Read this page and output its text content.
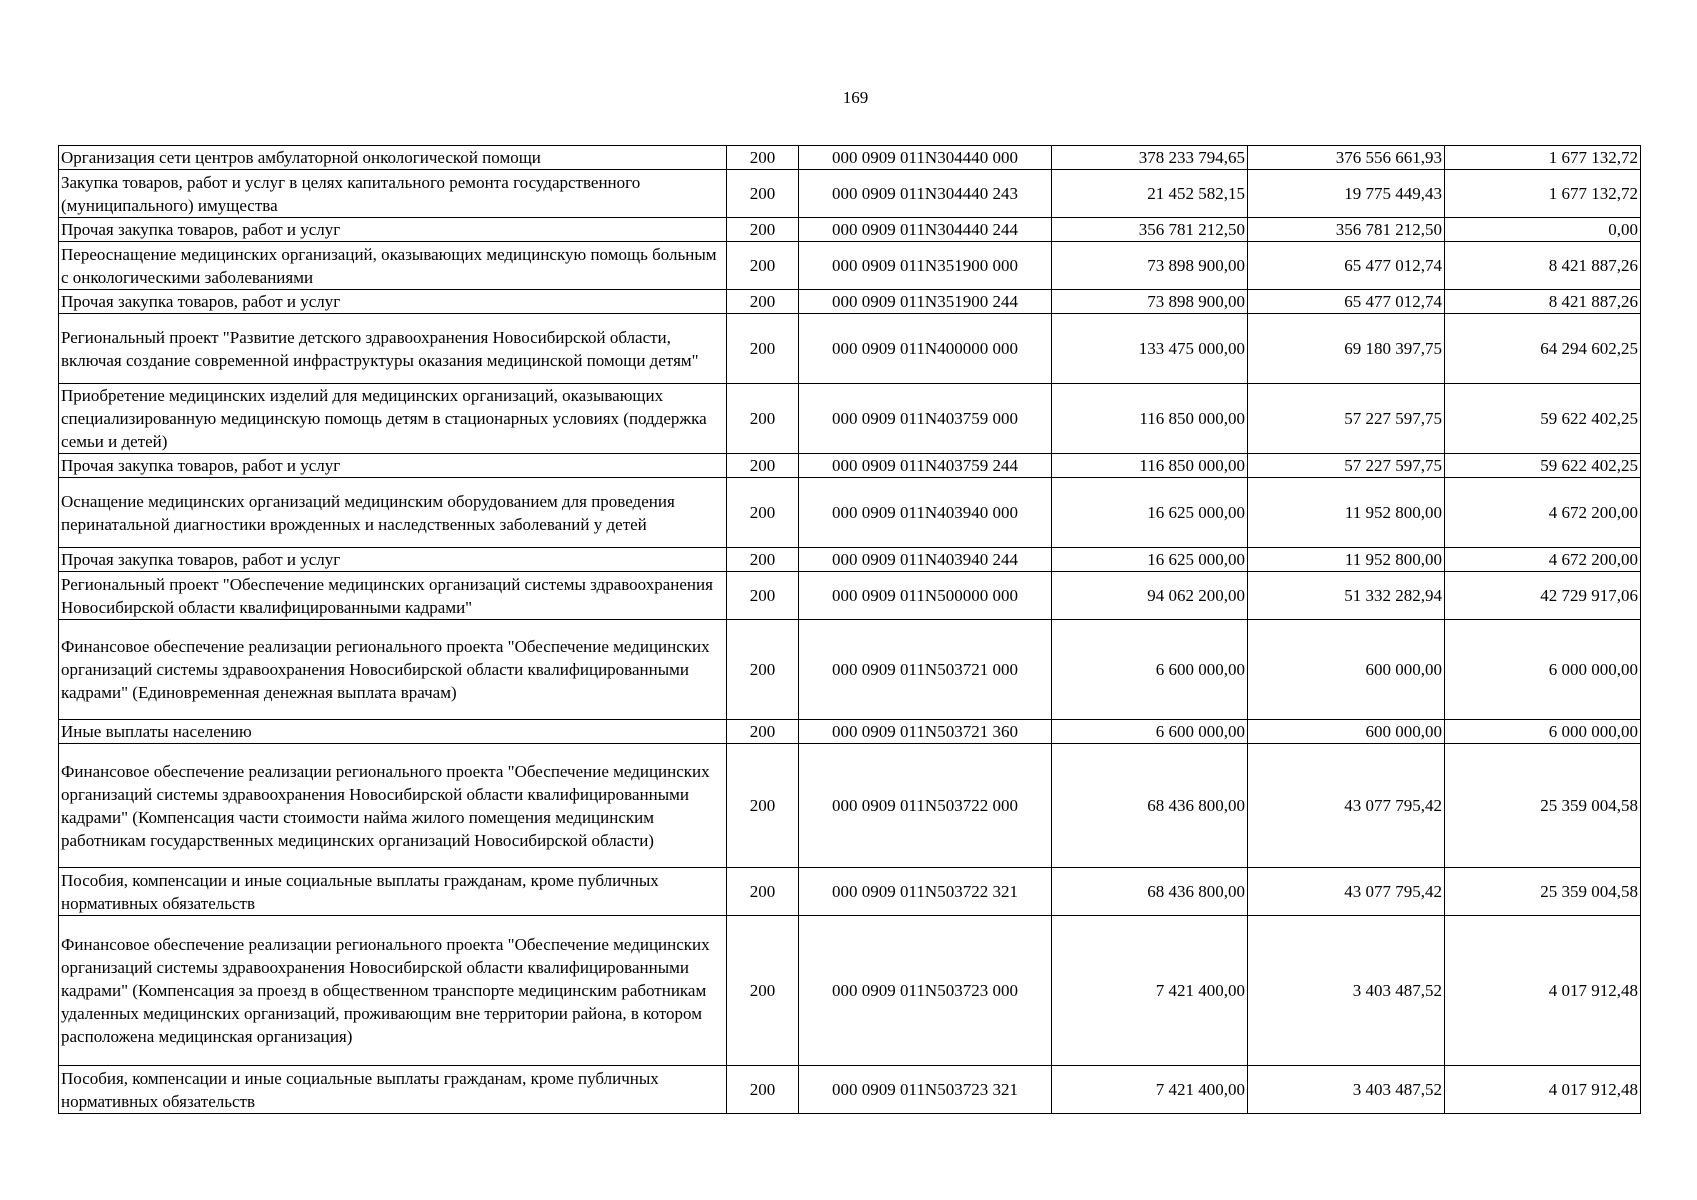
169
Организация сети центров амбулаторной онкологической помощи	200	000 0909 011N304440 000	378 233 794,65	376 556 661,93	1 677 132,72
Закупка товаров, работ и услуг в целях капитального ремонта государственного (муниципального) имущества	200	000 0909 011N304440 243	21 452 582,15	19 775 449,43	1 677 132,72
Прочая закупка товаров, работ и услуг	200	000 0909 011N304440 244	356 781 212,50	356 781 212,50	0,00
Переоснащение медицинских организаций, оказывающих медицинскую помощь больным с онкологическими заболеваниями	200	000 0909 011N351900 000	73 898 900,00	65 477 012,74	8 421 887,26
Прочая закупка товаров, работ и услуг	200	000 0909 011N351900 244	73 898 900,00	65 477 012,74	8 421 887,26
Региональный проект "Развитие детского здравоохранения Новосибирской области, включая создание современной инфраструктуры оказания медицинской помощи детям"	200	000 0909 011N400000 000	133 475 000,00	69 180 397,75	64 294 602,25
Приобретение медицинских изделий для медицинских организаций, оказывающих специализированную медицинскую помощь детям в стационарных условиях (поддержка семьи и детей)	200	000 0909 011N403759 000	116 850 000,00	57 227 597,75	59 622 402,25
Прочая закупка товаров, работ и услуг	200	000 0909 011N403759 244	116 850 000,00	57 227 597,75	59 622 402,25
Оснащение медицинских организаций медицинским оборудованием для проведения перинатальной диагностики врожденных и наследственных заболеваний у детей	200	000 0909 011N403940 000	16 625 000,00	11 952 800,00	4 672 200,00
Прочая закупка товаров, работ и услуг	200	000 0909 011N403940 244	16 625 000,00	11 952 800,00	4 672 200,00
Региональный проект "Обеспечение медицинских организаций системы здравоохранения Новосибирской области квалифицированными кадрами"	200	000 0909 011N500000 000	94 062 200,00	51 332 282,94	42 729 917,06
Финансовое обеспечение реализации регионального проекта "Обеспечение медицинских организаций системы здравоохранения Новосибирской области квалифицированными кадрами" (Единовременная денежная выплата врачам)	200	000 0909 011N503721 000	6 600 000,00	600 000,00	6 000 000,00
Иные выплаты населению	200	000 0909 011N503721 360	6 600 000,00	600 000,00	6 000 000,00
Финансовое обеспечение реализации регионального проекта "Обеспечение медицинских организаций системы здравоохранения Новосибирской области квалифицированными кадрами" (Компенсация части стоимости найма жилого помещения медицинским работникам государственных медицинских организаций Новосибирской области)	200	000 0909 011N503722 000	68 436 800,00	43 077 795,42	25 359 004,58
Пособия, компенсации и иные социальные выплаты гражданам, кроме публичных нормативных обязательств	200	000 0909 011N503722 321	68 436 800,00	43 077 795,42	25 359 004,58
Финансовое обеспечение реализации регионального проекта "Обеспечение медицинских организаций системы здравоохранения Новосибирской области квалифицированными кадрами" (Компенсация за проезд в общественном транспорте медицинским работникам удаленных медицинских организаций, проживающим вне территории района, в котором расположена медицинская организация)	200	000 0909 011N503723 000	7 421 400,00	3 403 487,52	4 017 912,48
Пособия, компенсации и иные социальные выплаты гражданам, кроме публичных нормативных обязательств	200	000 0909 011N503723 321	7 421 400,00	3 403 487,52	4 017 912,48
